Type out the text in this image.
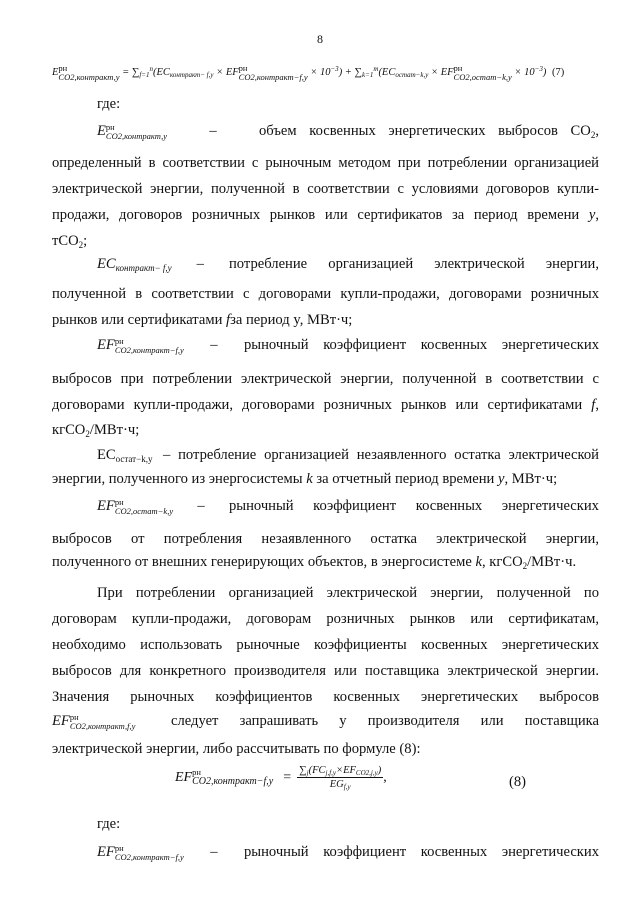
8
E рн
CO2,контракт,y = $\sum_{f=1}^n(EC_{контракт- f,y}$ × EF рн
CO2,контракт−f,y × $10^{-3}) + \sum_{k=1}^m(EC_{остат-k,y}$ × EF рн
CO2,остат−k,y × $10^{-3}$) (7)
где:
E рн
CO2,контракт,y	–	объем косвенных энергетических выбросов $CO_2$,
определенный в соответствии с рыночным методом при потреблении организацией
электрической энергии, полученной в соответствии с условиями договоров купли-
продажи, договоров розничных рынков или сертификатов за период времени y,
тCO$_2$;
$EC_{контракт- f,y}$ – потребление организацией электрической энергии,
полученной в соответствии с договорами купли-продажи, договорами розничных
рынков или сертификатами fза период y, МВт·ч;
EF рн
CO2,контракт−f,y – рыночный коэффициент косвенных энергетических
выбросов при потреблении электрической энергии, полученной в соответствии с
договорами купли-продажи, договорами розничных рынков или сертификатами f,
кгCO$_2$/МВт·ч;
$EC_{остат-k,y}$ – потребление организацией незаявленного остатка электрической
энергии, полученного из энергосистемы k за отчетный период времени y, МВт·ч;
EF рн
CO2,остат−k,y – рыночный коэффициент косвенных энергетических
выбросов от потребления незаявленного остатка электрической энергии,
полученного от внешних генерирующих объектов, в энергосистеме k, кгCO$_2$/МВт·ч.
При потреблении организацией электрической энергии, полученной по
договорам купли-продажи, договорам розничных рынков или сертификатам,
необходимо использовать рыночные коэффициенты косвенных энергетических
выбросов для конкретного производителя или поставщика электрической энергии.
Значения рыночных коэффициентов косвенных энергетических выбросов
EF рн
CO2,контракт,f,y следует запрашивать у производителя или поставщика
электрической энергии, либо рассчитывать по формуле (8):
EF рн
CO2,контракт−f,y = $\frac{\sum_j(FC_{j,f,y}\times EF_{CO2,j,y})}{EG_{f,y}}$ ,	(8)
где:
EF рн
CO2,контракт−f,y – рыночный коэффициент косвенных энергетических
